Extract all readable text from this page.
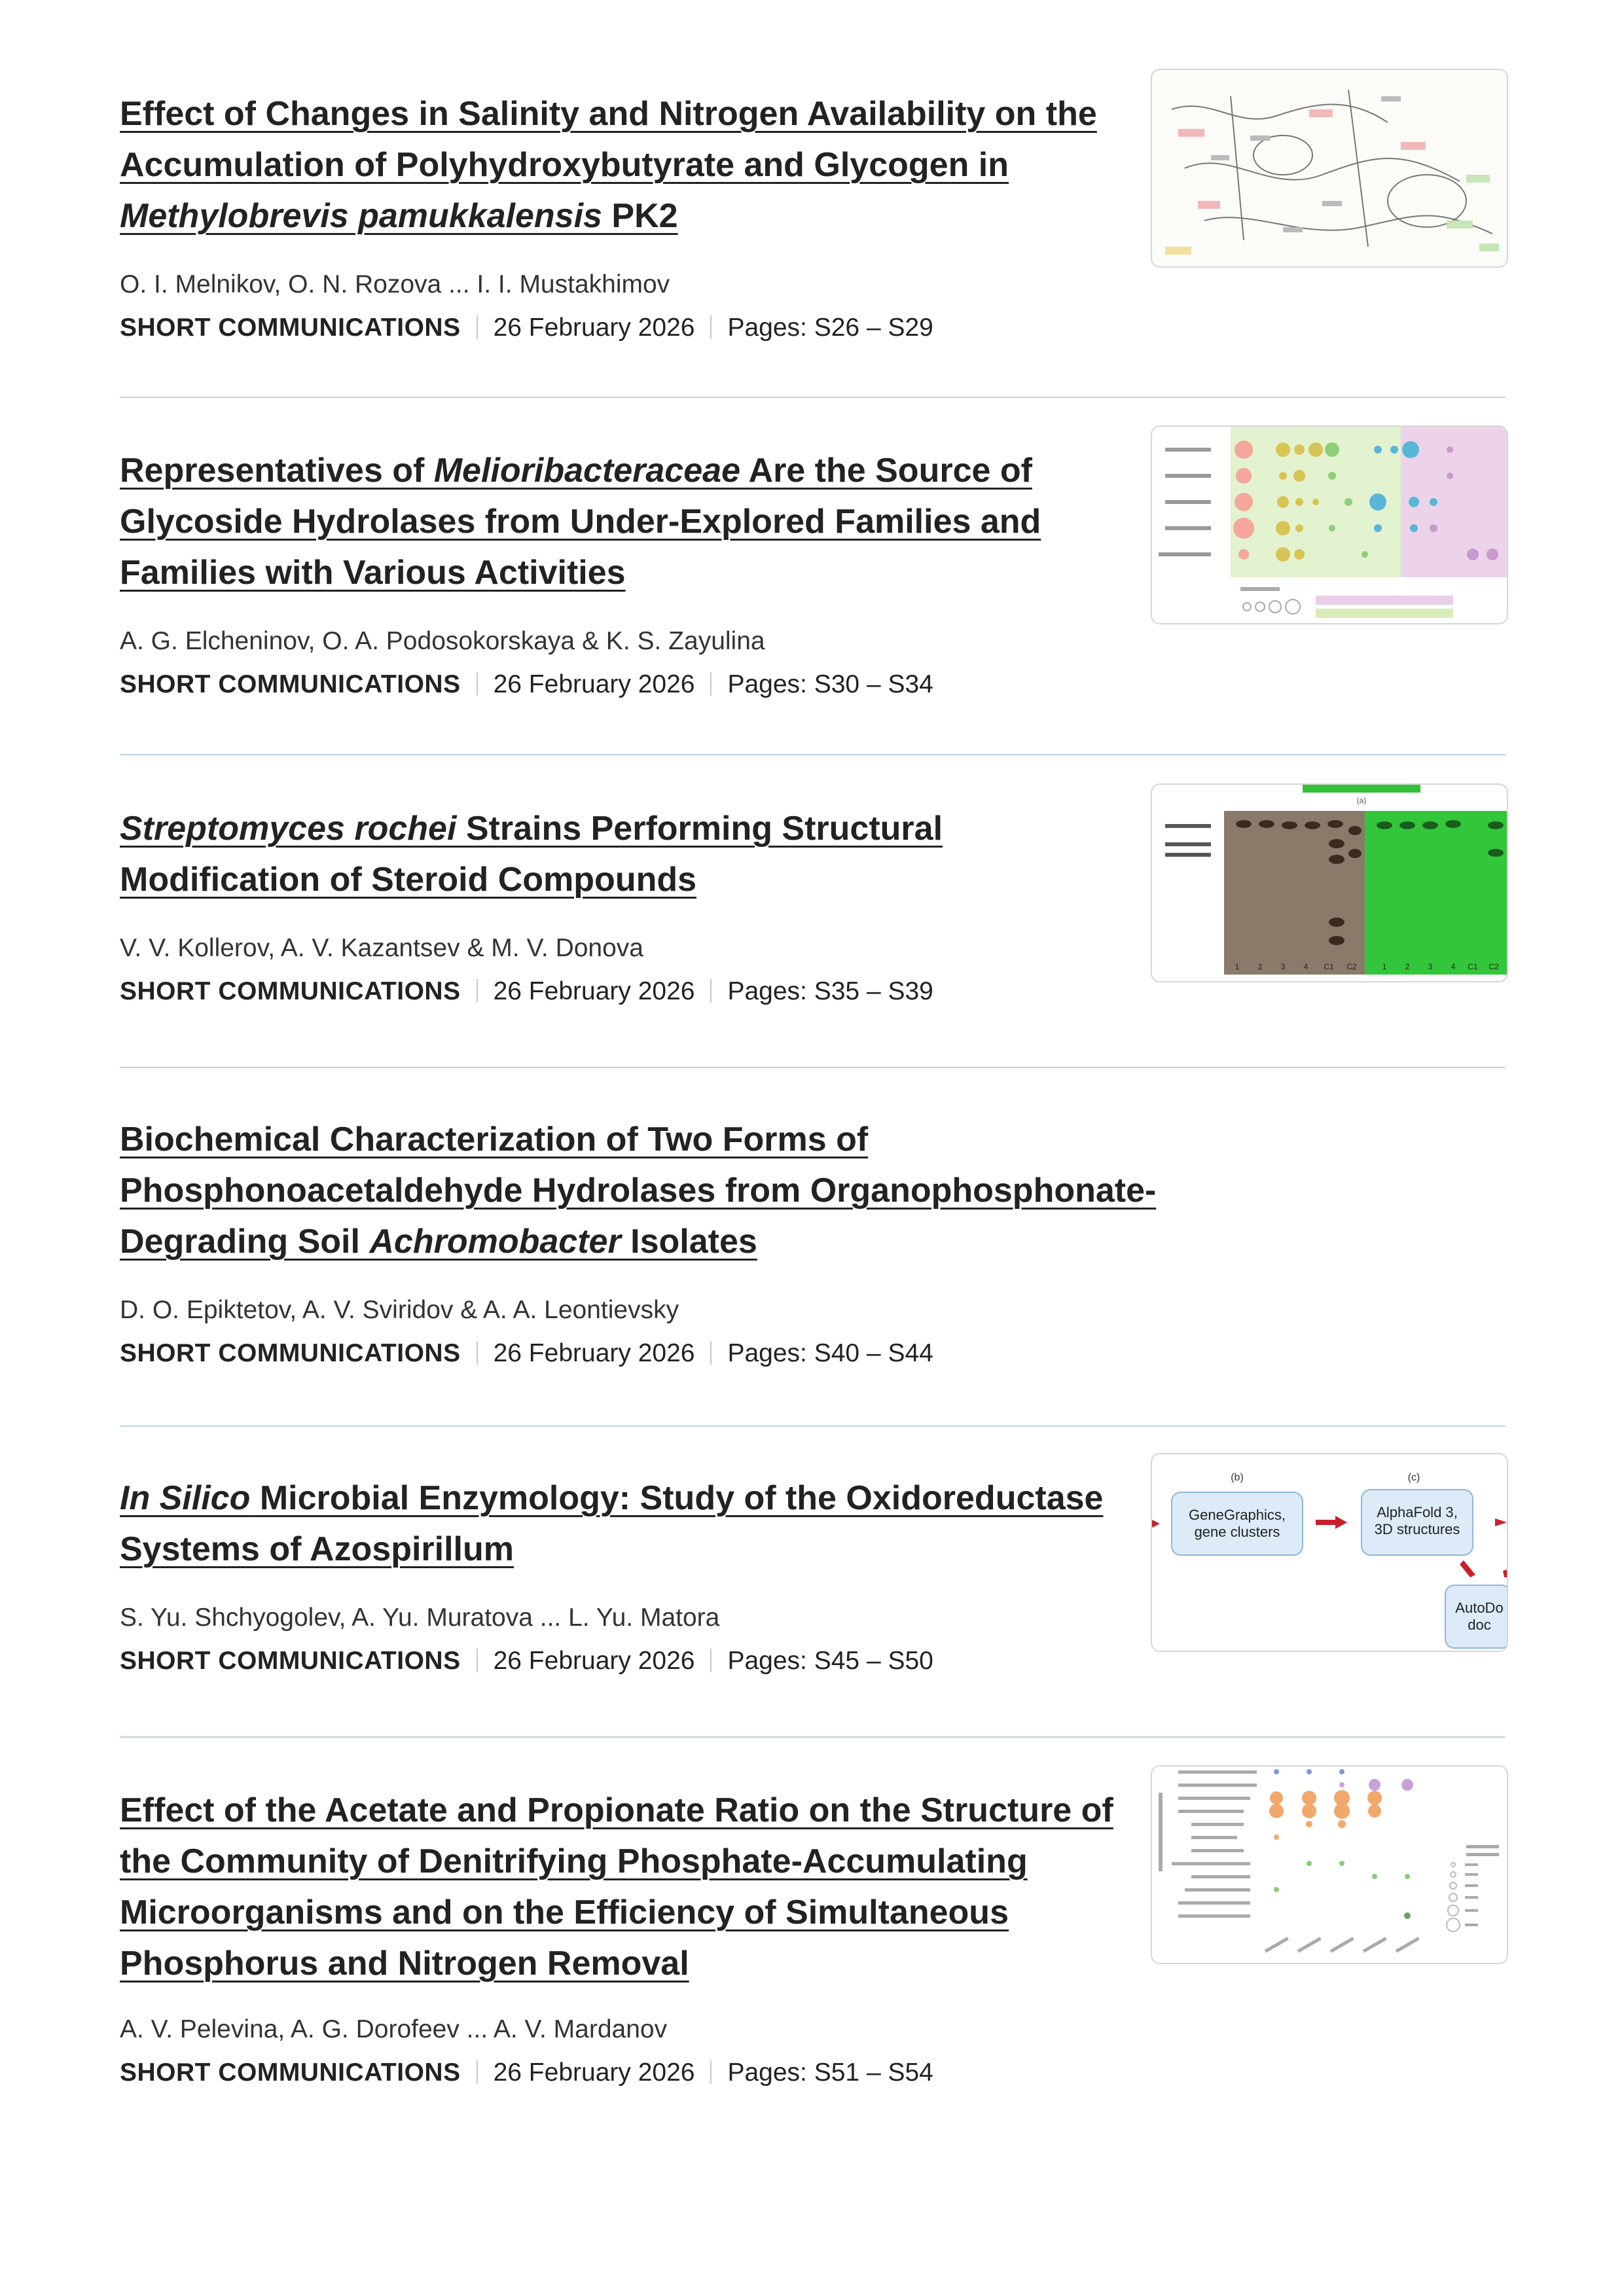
Effect of Changes in Salinity and Nitrogen Availability on the Accumulation of Polyhydroxybutyrate and Glycogen in Methylobrevis pamukkalensis PK2

O. I. Melnikov, O. N. Rozova ... I. I. Mustakhimov

SHORT COMMUNICATIONS 26 February 2026 Pages: S26 – S29
Representatives of Melioribacteraceae Are the Source of Glycoside Hydrolases from Under-Explored Families and Families with Various Activities

A. G. Elcheninov, O. A. Podosokorskaya & K. S. Zayulina

SHORT COMMUNICATIONS 26 February 2026 Pages: S30 – S34
Streptomyces rochei Strains Performing Structural Modification of Steroid Compounds

V. V. Kollerov, A. V. Kazantsev & M. V. Donova

SHORT COMMUNICATIONS 26 February 2026 Pages: S35 – S39
(a)
1 2 3 4 C1 C2	1 2 3 4 C1 C2
Biochemical Characterization of Two Forms of Phosphonoacetaldehyde Hydrolases from Organophosphonate-Degrading Soil Achromobacter Isolates

D. O. Epiktetov, A. V. Sviridov & A. A. Leontievsky

SHORT COMMUNICATIONS 26 February 2026 Pages: S40 – S44
In Silico Microbial Enzymology: Study of the Oxidoreductase Systems of Azospirillum

S. Yu. Shchyogolev, A. Yu. Muratova ... L. Yu. Matora

SHORT COMMUNICATIONS 26 February 2026 Pages: S45 – S50
(b)	(c)
GeneGraphics,
gene clusters
AlphaFold 3,
3D structures
AutoDo
doc
Effect of the Acetate and Propionate Ratio on the Structure of the Community of Denitrifying Phosphate-Accumulating Microorganisms and on the Efficiency of Simultaneous Phosphorus and Nitrogen Removal

A. V. Pelevina, A. G. Dorofeev ... A. V. Mardanov

SHORT COMMUNICATIONS 26 February 2026 Pages: S51 – S54
